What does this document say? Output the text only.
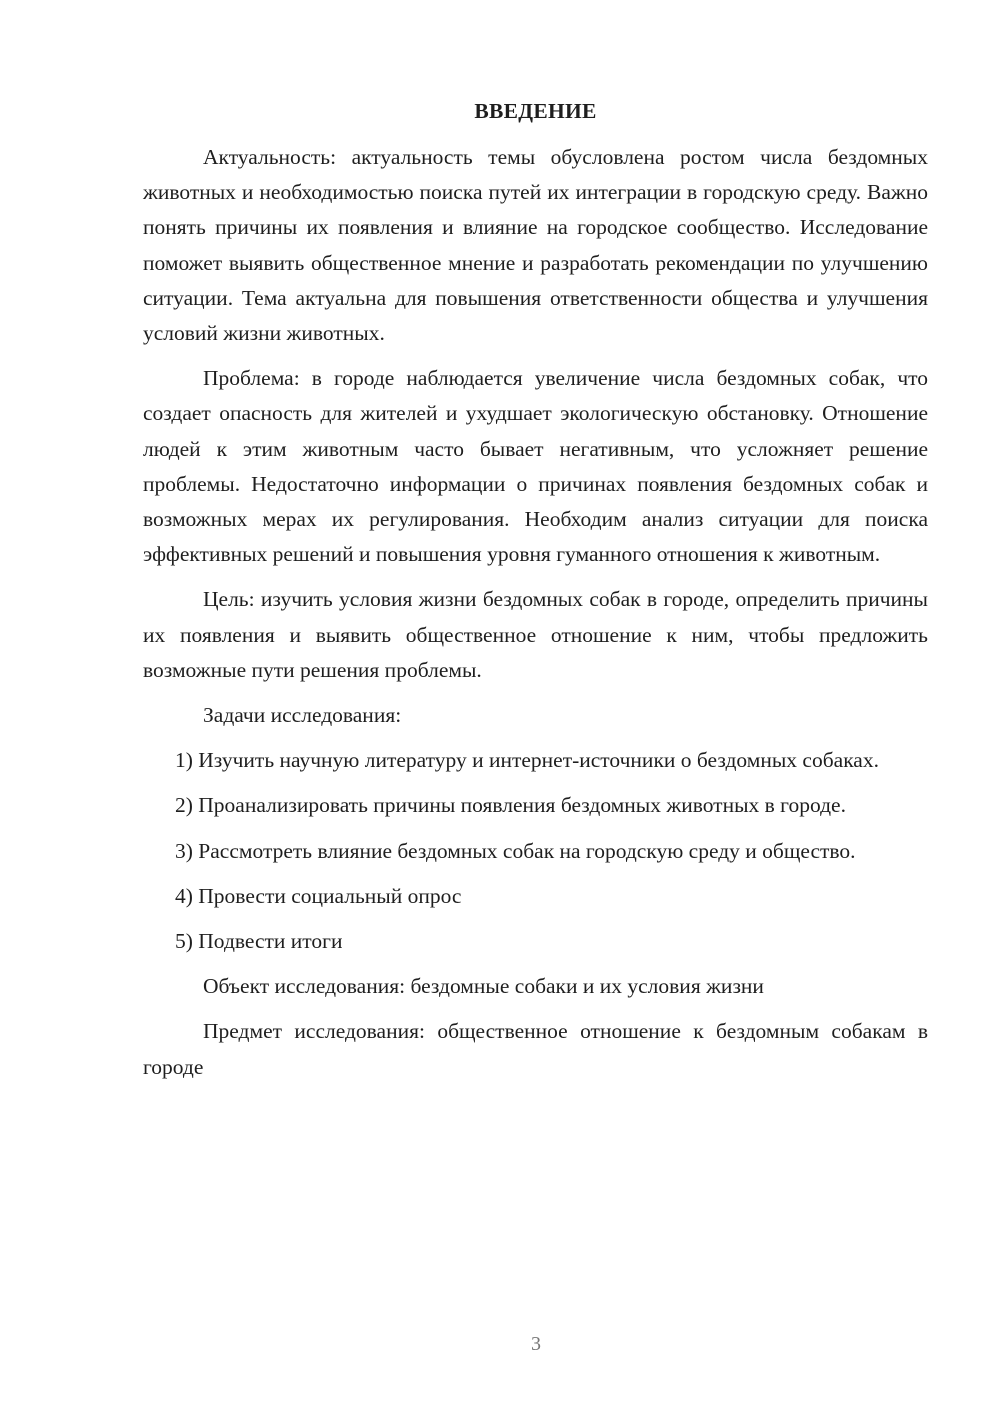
ВВЕДЕНИЕ

Актуальность: актуальность темы обусловлена ростом числа бездомных животных и необходимостью поиска путей их интеграции в городскую среду. Важно понять причины их появления и влияние на городское сообщество. Исследование поможет выявить общественное мнение и разработать рекомендации по улучшению ситуации. Тема актуальна для повышения ответственности общества и улучшения условий жизни животных.

Проблема: в городе наблюдается увеличение числа бездомных собак, что создает опасность для жителей и ухудшает экологическую обстановку. Отношение людей к этим животным часто бывает негативным, что усложняет решение проблемы. Недостаточно информации о причинах появления бездомных собак и возможных мерах их регулирования. Необходим анализ ситуации для поиска эффективных решений и повышения уровня гуманного отношения к животным.

Цель: изучить условия жизни бездомных собак в городе, определить причины их появления и выявить общественное отношение к ним, чтобы предложить возможные пути решения проблемы.

Задачи исследования:

1) Изучить научную литературу и интернет-источники о бездомных собаках.

2) Проанализировать причины появления бездомных животных в городе.

3) Рассмотреть влияние бездомных собак на городскую среду и общество.

4) Провести социальный опрос

5) Подвести итоги

Объект исследования: бездомные собаки и их условия жизни

Предмет исследования: общественное отношение к бездомным собакам в городе

3
